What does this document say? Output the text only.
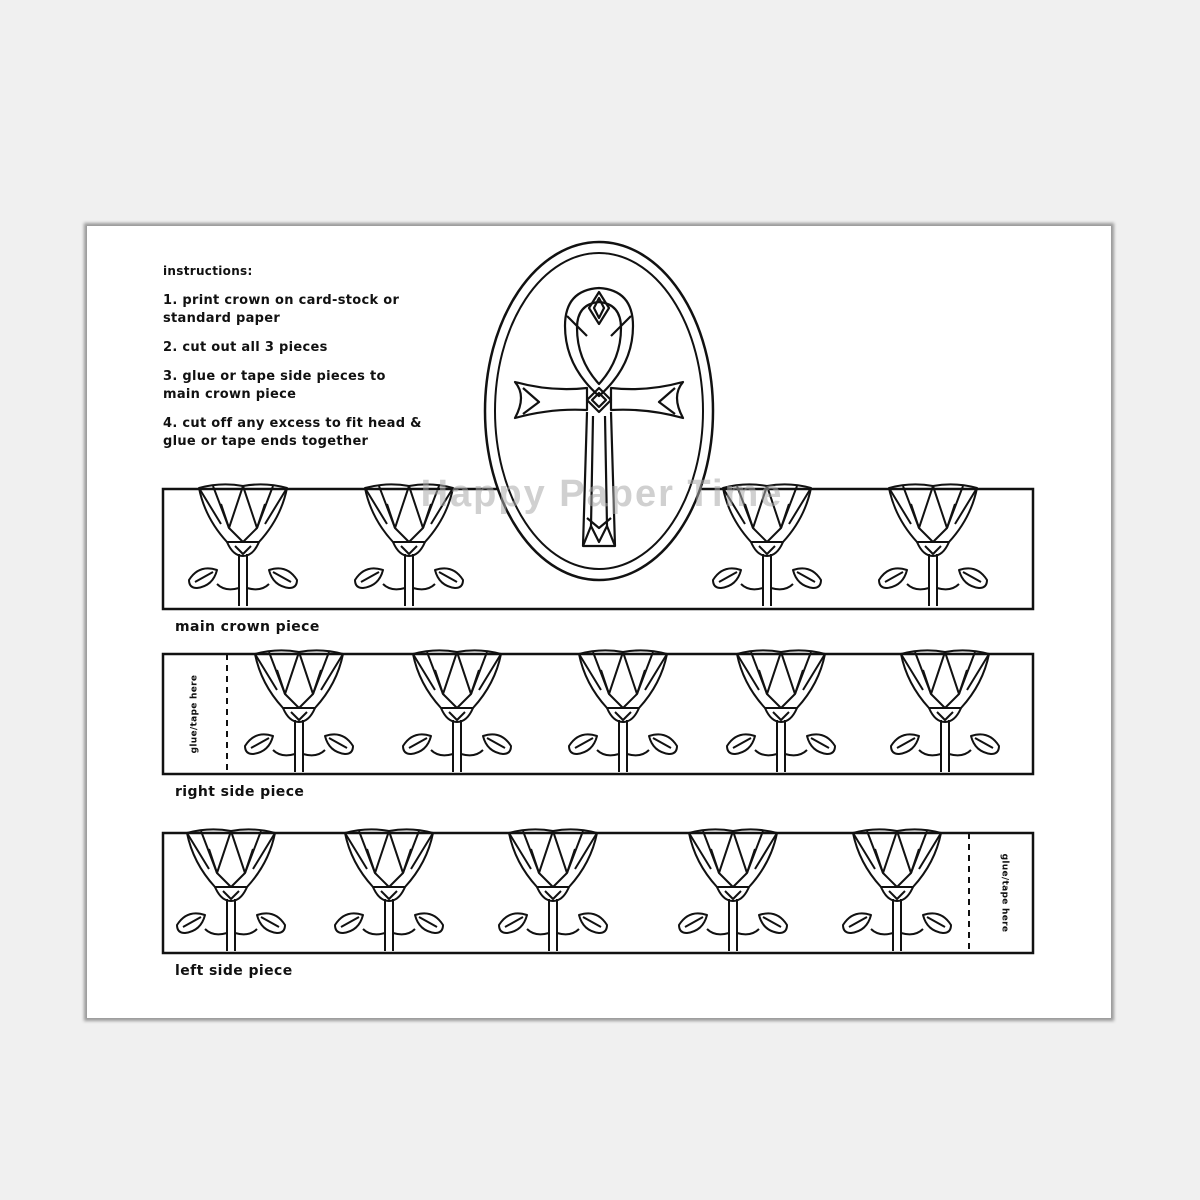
instructions:

1. print crown on card-stock or standard paper

2. cut out all 3 pieces

3. glue or tape side pieces to main crown piece

4. cut off any excess to fit head & glue or tape ends together

Happy Paper Time
main crown piece
right side piece
left side piece
glue/tape here
glue/tape here
